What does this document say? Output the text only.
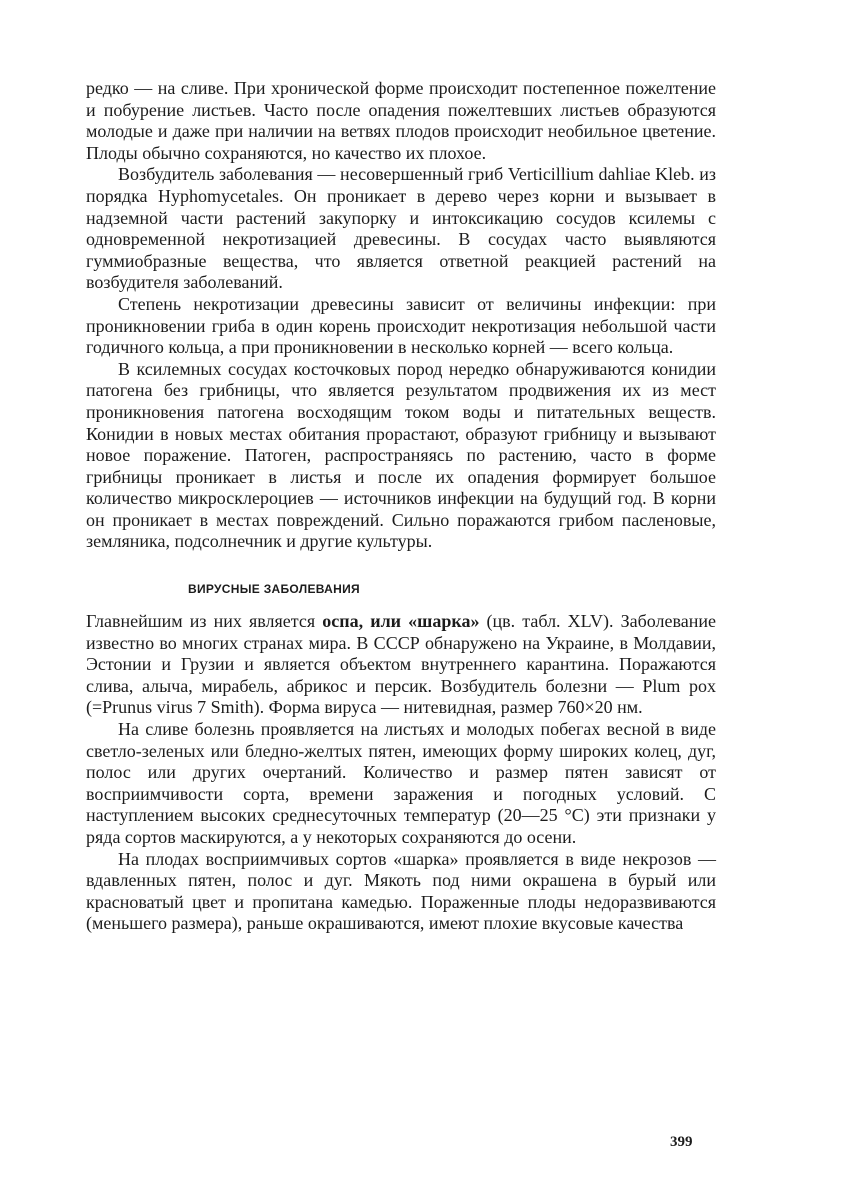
редко — на сливе. При хронической форме происходит постепенное пожелтение и побурение листьев. Часто после опадения пожелтевших листьев образуются молодые и даже при наличии на ветвях плодов происходит необильное цветение. Плоды обычно сохраняются, но качество их плохое.

Возбудитель заболевания — несовершенный гриб Verticillium dahliae Kleb. из порядка Hyphomycetales. Он проникает в дерево через корни и вызывает в надземной части растений закупорку и интоксикацию сосудов ксилемы с одновременной некротизацией древесины. В сосудах часто выявляются гуммиобразные вещества, что является ответной реакцией растений на возбудителя заболеваний.

Степень некротизации древесины зависит от величины инфекции: при проникновении гриба в один корень происходит некротизация небольшой части годичного кольца, а при проникновении в несколько корней — всего кольца.

В ксилемных сосудах косточковых пород нередко обнаруживаются конидии патогена без грибницы, что является результатом продвижения их из мест проникновения патогена восходящим током воды и питательных веществ. Конидии в новых местах обитания прорастают, образуют грибницу и вызывают новое поражение. Патоген, распространяясь по растению, часто в форме грибницы проникает в листья и после их опадения формирует большое количество микросклероциев — источников инфекции на будущий год. В корни он проникает в местах повреждений. Сильно поражаются грибом пасленовые, земляника, подсолнечник и другие культуры.

ВИРУСНЫЕ ЗАБОЛЕВАНИЯ

Главнейшим из них является оспа, или «шарка» (цв. табл. XLV). Заболевание известно во многих странах мира. В СССР обнаружено на Украине, в Молдавии, Эстонии и Грузии и является объектом внутреннего карантина. Поражаются слива, алыча, мирабель, абрикос и персик. Возбудитель болезни — Plum pox (=Prunus virus 7 Smith). Форма вируса — нитевидная, размер 760×20 нм.

На сливе болезнь проявляется на листьях и молодых побегах весной в виде светло-зеленых или бледно-желтых пятен, имеющих форму широких колец, дуг, полос или других очертаний. Количество и размер пятен зависят от восприимчивости сорта, времени заражения и погодных условий. С наступлением высоких среднесуточных температур (20—25 °С) эти признаки у ряда сортов маскируются, а у некоторых сохраняются до осени.

На плодах восприимчивых сортов «шарка» проявляется в виде некрозов — вдавленных пятен, полос и дуг. Мякоть под ними окрашена в бурый или красноватый цвет и пропитана камедью. Пораженные плоды недоразвиваются (меньшего размера), раньше окрашиваются, имеют плохие вкусовые качества

399
